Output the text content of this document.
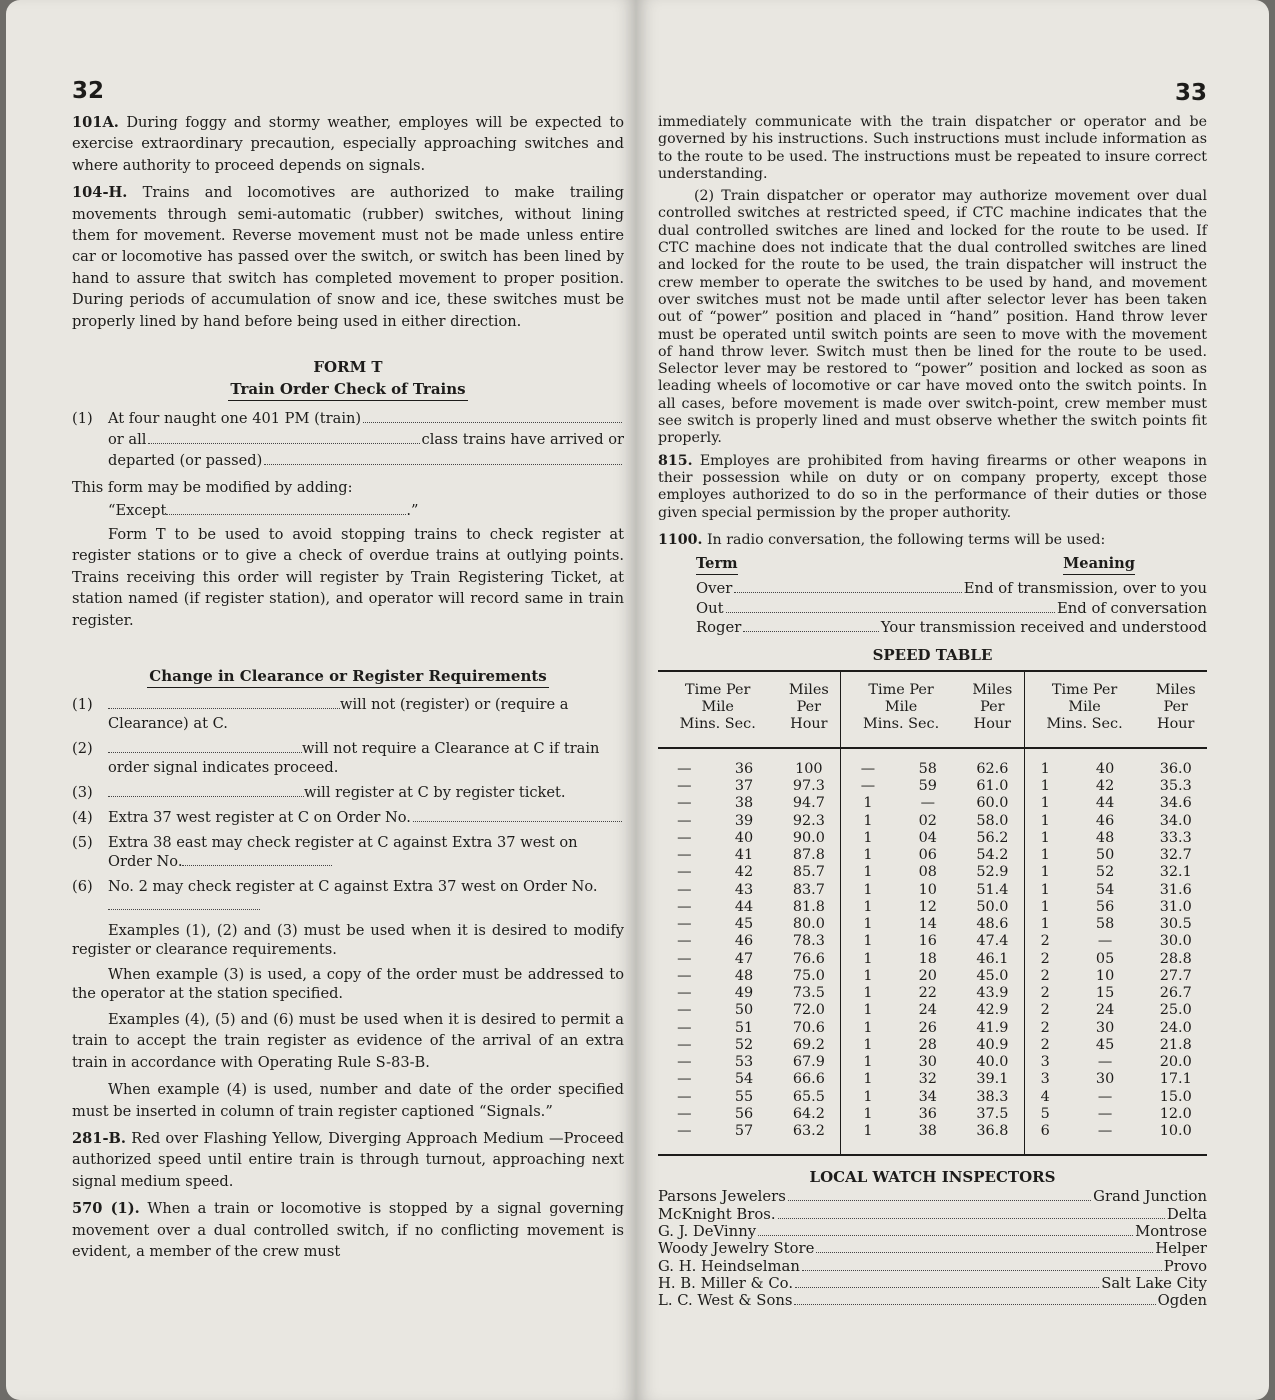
32

101A. During foggy and stormy weather, employes will be expected to exercise extraordinary precaution, especially approaching switches and where authority to proceed depends on signals.

104-H. Trains and locomotives are authorized to make trailing movements through semi-automatic (rubber) switches, without lining them for movement. Reverse movement must not be made unless entire car or locomotive has passed over the switch, or switch has been lined by hand to assure that switch has completed movement to proper position. During periods of accumulation of snow and ice, these switches must be properly lined by hand before being used in either direction.

FORM T
Train Order Check of Trains
(1)	At four naught one 401 PM (train)
or all	class trains have arrived or
departed (or passed)

This form may be modified by adding:

“Except	.”

Form T to be used to avoid stopping trains to check register at register stations or to give a check of overdue trains at outlying points. Trains receiving this order will register by Train Registering Ticket, at station named (if register station), and operator will record same in train register.

Change in Clearance or Register Requirements
(1)	will not (register) or (require a Clearance) at C.
(2)	will not require a Clearance at C if train order signal indicates proceed.
(3)	will register at C by register ticket.
(4)	Extra 37 west register at C on Order No.
(5)	Extra 38 east may check register at C against Extra 37 west on Order No.
(6)	No. 2 may check register at C against Extra 37 west on Order No.

Examples (1), (2) and (3) must be used when it is desired to modify register or clearance requirements.

When example (3) is used, a copy of the order must be addressed to the operator at the station specified.

Examples (4), (5) and (6) must be used when it is desired to permit a train to accept the train register as evidence of the arrival of an extra train in accordance with Operating Rule S-83-B.

When example (4) is used, number and date of the order specified must be inserted in column of train register captioned “Signals.”

281-B. Red over Flashing Yellow, Diverging Approach Medium —Proceed authorized speed until entire train is through turnout, approaching next signal medium speed.

570 (1). When a train or locomotive is stopped by a signal governing movement over a dual controlled switch, if no conflicting movement is evident, a member of the crew must

33

immediately communicate with the train dispatcher or operator and be governed by his instructions. Such instructions must include information as to the route to be used. The instructions must be repeated to insure correct understanding.

(2) Train dispatcher or operator may authorize movement over dual controlled switches at restricted speed, if CTC machine indicates that the dual controlled switches are lined and locked for the route to be used. If CTC machine does not indicate that the dual controlled switches are lined and locked for the route to be used, the train dispatcher will instruct the crew member to operate the switches to be used by hand, and movement over switches must not be made until after selector lever has been taken out of “power” position and placed in “hand” position. Hand throw lever must be operated until switch points are seen to move with the movement of hand throw lever. Switch must then be lined for the route to be used. Selector lever may be restored to “power” position and locked as soon as leading wheels of locomotive or car have moved onto the switch points. In all cases, before movement is made over switch-point, crew member must see switch is properly lined and must observe whether the switch points fit properly.

815. Employes are prohibited from having firearms or other weapons in their possession while on duty or on company property, except those employes authorized to do so in the performance of their duties or those given special permission by the proper authority.

1100. In radio conversation, the following terms will be used:

Term	Meaning
Over	End of transmission, over to you
Out	End of conversation
Roger	Your transmission received and understood
SPEED TABLE
Time Per
Mile
Mins. Sec.		Miles
Per
Hour	Time Per
Mile
Mins. Sec.		Miles
Per
Hour	Time Per
Mile
Mins. Sec.		Miles
Per
Hour
—	36	100	—	58	62.6	1	40	36.0
—	37	97.3	—	59	61.0	1	42	35.3
—	38	94.7	1	—	60.0	1	44	34.6
—	39	92.3	1	02	58.0	1	46	34.0
—	40	90.0	1	04	56.2	1	48	33.3
—	41	87.8	1	06	54.2	1	50	32.7
—	42	85.7	1	08	52.9	1	52	32.1
—	43	83.7	1	10	51.4	1	54	31.6
—	44	81.8	1	12	50.0	1	56	31.0
—	45	80.0	1	14	48.6	1	58	30.5
—	46	78.3	1	16	47.4	2	—	30.0
—	47	76.6	1	18	46.1	2	05	28.8
—	48	75.0	1	20	45.0	2	10	27.7
—	49	73.5	1	22	43.9	2	15	26.7
—	50	72.0	1	24	42.9	2	24	25.0
—	51	70.6	1	26	41.9	2	30	24.0
—	52	69.2	1	28	40.9	2	45	21.8
—	53	67.9	1	30	40.0	3	—	20.0
—	54	66.6	1	32	39.1	3	30	17.1
—	55	65.5	1	34	38.3	4	—	15.0
—	56	64.2	1	36	37.5	5	—	12.0
—	57	63.2	1	38	36.8	6	—	10.0
LOCAL WATCH INSPECTORS
Parsons Jewelers	Grand Junction
McKnight Bros.	Delta
G. J. DeVinny	Montrose
Woody Jewelry Store	Helper
G. H. Heindselman	Provo
H. B. Miller & Co.	Salt Lake City
L. C. West & Sons	Ogden
